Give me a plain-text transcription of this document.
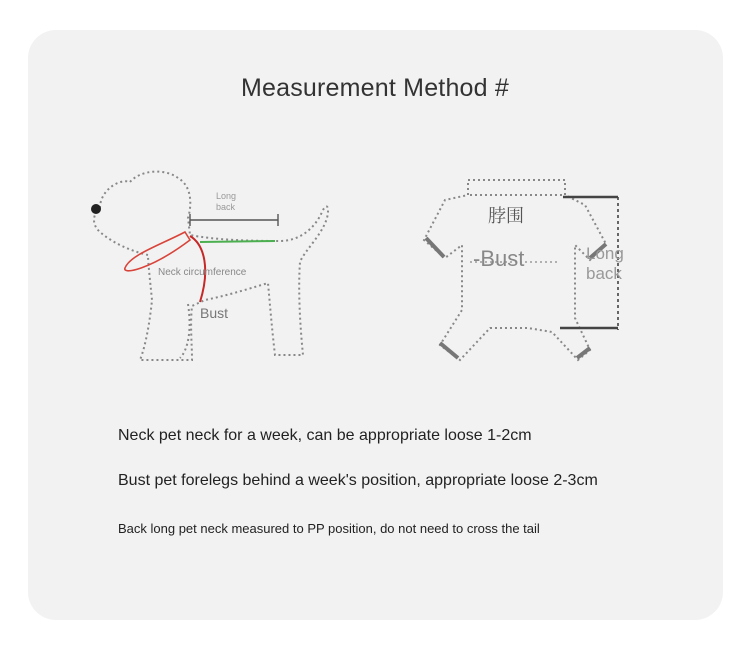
Measurement Method #
Long
back
Neck circumference
Bust
脖围
-Bust	Long
back
Neck pet neck for a week, can be appropriate loose 1-2cm
Bust pet forelegs behind a week's position, appropriate loose 2-3cm
Back long pet neck measured to PP position, do not need to cross the tail
